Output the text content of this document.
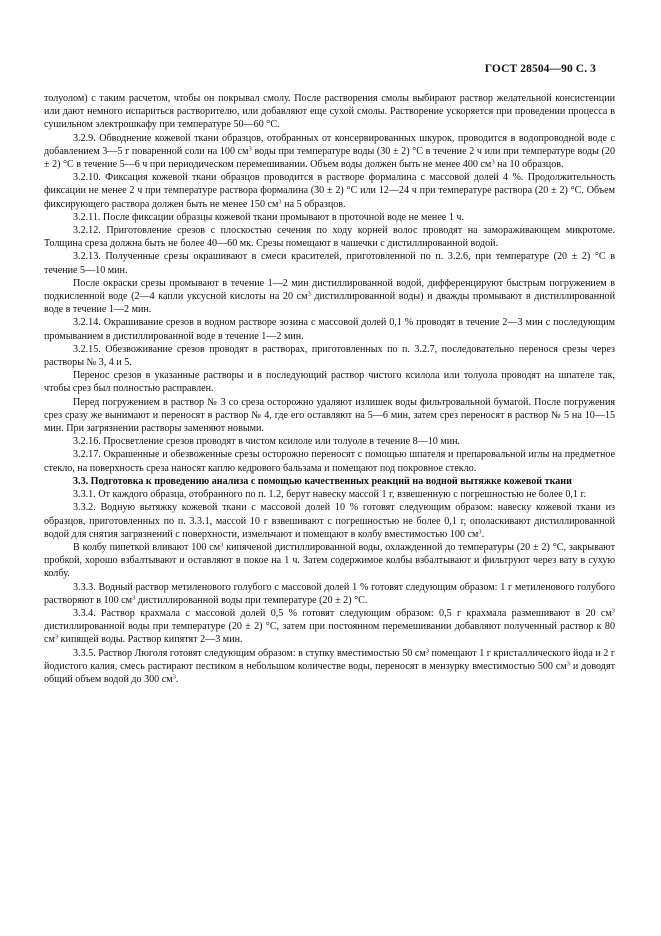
ГОСТ 28504—90 С. 3

толуолом) с таким расчетом, чтобы он покрывал смолу. После растворения смолы выбирают раствор желательной консистенции или дают немного испариться растворителю, или добавляют еще сухой смолы. Растворение ускоряется при проведении процесса в сушильном электрошкафу при температуре 50—60 °С.

3.2.9. Обводнение кожевой ткани образцов, отобранных от консервированных шкурок, проводится в водопроводной воде с добавлением 3—5 г поваренной соли на 100 $см^3$ воды при температуре воды (30 ± 2) °С в течение 2 ч или при температуре воды (20 ± 2) °С в течение 5—6 ч при периодическом перемешивании. Объем воды должен быть не менее 400 $см^3$ на 10 образцов.

3.2.10. Фиксация кожевой ткани образцов проводится в растворе формалина с массовой долей 4 %. Продолжительность фиксации не менее 2 ч при температуре раствора формалина (30 ± 2) °С или 12—24 ч при температуре раствора (20 ± 2) °С. Объем фиксирующего раствора должен быть не менее 150 $см^3$ на 5 образцов.

3.2.11. После фиксации образцы кожевой ткани промывают в проточной воде не менее 1 ч.

3.2.12. Приготовление срезов с плоскостью сечения по ходу корней волос проводят на замораживающем микротоме. Толщина среза должна быть не более 40—60 мк. Срезы помещают в чашечки с дистиллированной водой.

3.2.13. Полученные срезы окрашивают в смеси красителей, приготовленной по п. 3.2.6, при температуре (20 ± 2) °С в течение 5—10 мин.

После окраски срезы промывают в течение 1—2 мин дистиллированной водой, дифференцируют быстрым погружением в подкисленной воде (2—4 капли уксусной кислоты на 20 $см^3$ дистиллированной воды) и дважды промывают в дистиллированной воде в течение 1—2 мин.

3.2.14. Окрашивание срезов в водном растворе эозина с массовой долей 0,1 % проводят в течение 2—3 мин с последующим промыванием в дистиллированной воде в течение 1—2 мин.

3.2.15. Обезвоживание срезов проводят в растворах, приготовленных по п. 3.2.7, последовательно перенося срезы через растворы № 3, 4 и 5.

Перенос срезов в указанные растворы и в последующий раствор чистого ксилола или толуола проводят на шпателе так, чтобы срез был полностью расправлен.

Перед погружением в раствор № 3 со среза осторожно удаляют излишек воды фильтровальной бумагой. После погружения срез сразу же вынимают и переносят в раствор № 4, где его оставляют на 5—6 мин, затем срез переносят в раствор № 5 на 10—15 мин. При загрязнении растворы заменяют новыми.

3.2.16. Просветление срезов проводят в чистом ксилоле или толуоле в течение 8—10 мин.

3.2.17. Окрашенные и обезвоженные срезы осторожно переносят с помощью шпателя и препаровальной иглы на предметное стекло, на поверхность среза наносят каплю кедрового бальзама и помещают под покровное стекло.

3.3. Подготовка к проведению анализа с помощью качественных реакций на водной вытяжке кожевой ткани

3.3.1. От каждого образца, отобранного по п. 1.2, берут навеску массой 1 г, взвешенную с погрешностью не более 0,1 г.

3.3.2. Водную вытяжку кожевой ткани с массовой долей 10 % готовят следующим образом: навеску кожевой ткани из образцов, приготовленных по п. 3.3.1, массой 10 г взвешивают с погрешностью не более 0,1 г, ополаскивают дистиллированной водой для снятия загрязнений с поверхности, измельчают и помещают в колбу вместимостью 100 $см^3$.

В колбу пипеткой вливают 100 $см^3$ кипяченой дистиллированной воды, охлажденной до температуры (20 ± 2) °С, закрывают пробкой, хорошо взбалтывают и оставляют в покое на 1 ч. Затем содержимое колбы взбалтывают и фильтруют через вату в сухую колбу.

3.3.3. Водный раствор метиленового голубого с массовой долей 1 % готовят следующим образом: 1 г метиленового голубого растворяют в 100 $см^3$ дистиллированной воды при температуре (20 ± 2) °С.

3.3.4. Раствор крахмала с массовой долей 0,5 % готовят следующим образом: 0,5 г крахмала размешивают в 20 $см^3$ дистиллированной воды при температуре (20 ± 2) °С, затем при постоянном перемешивании добавляют полученный раствор к 80 $см^3$ кипящей воды. Раствор кипятят 2—3 мин.

3.3.5. Раствор Люголя готовят следующим образом: в ступку вместимостью 50 $см^3$ помещают 1 г кристаллического йода и 2 г йодистого калия, смесь растирают пестиком в небольшом количестве воды, переносят в мензурку вместимостью 500 $см^3$ и доводят общий объем водой до 300 $см^3$.
